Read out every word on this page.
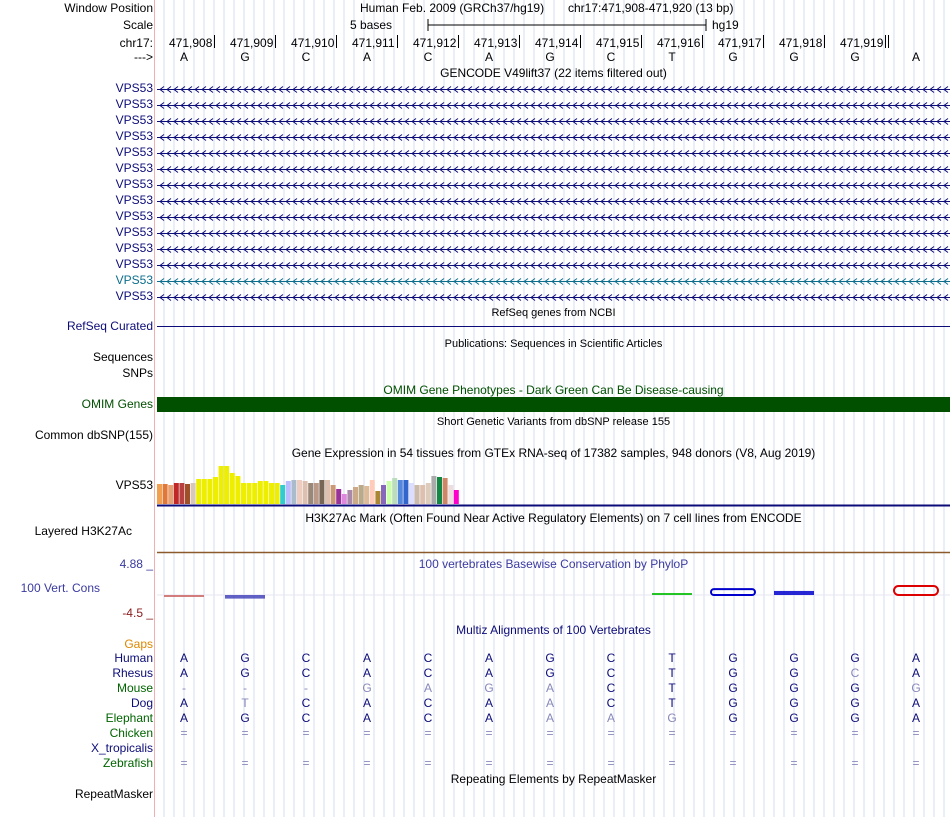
Window Position	Human Feb. 2009 (GRCh37/hg19) chr17:471,908-471,920 (13 bp)
Scale	5 bases	hg19
chr17: 471,908 471,909 471,910 471,911 471,912 471,913 471,914 471,915 471,916 471,917 471,918 471,919
---> A	G	C	A	C	A	G	C	T	G	G	G	A
GENCODE V49lift37 (22 items filtered out)
VPS53
VPS53
VPS53
VPS53
VPS53
VPS53
VPS53
VPS53
VPS53
VPS53
VPS53
VPS53
VPS53
VPS53
RefSeq genes from NCBI
RefSeq Curated
Publications: Sequences in Scientific Articles
Sequences
SNPs
OMIM Gene Phenotypes - Dark Green Can Be Disease-causing
OMIM Genes
Short Genetic Variants from dbSNP release 155
Common dbSNP(155)
Gene Expression in 54 tissues from GTEx RNA-seq of 17382 samples, 948 donors (V8, Aug 2019)
VPS53
H3K27Ac Mark (Often Found Near Active Regulatory Elements) on 7 cell lines from ENCODE
Layered H3K27Ac
100 vertebrates Basewise Conservation by PhyloP
4.88 _
100 Vert. Cons
-4.5 _
Multiz Alignments of 100 Vertebrates
Gaps
Human A	G	C	A	C	A	G	C	T	G	G	G	A
Rhesus A	G	C	A	C	A	G	C	T	G	G	C	A
Mouse	-	-	-	G	A	G	A	C	T	G	G	G	G
Dog A	T	C	A	C	A	A	C	T	G	G	G	A
Elephant A	G	C	A	C	A	A	A	G	G	G	G	A
Chicken =	=	=	=	=	=	=	=	=	=	=	=	=
X_tropicalis
Zebrafish =	=	=	=	=	=	=	=	=	=	=	=	=
Repeating Elements by RepeatMasker
RepeatMasker
